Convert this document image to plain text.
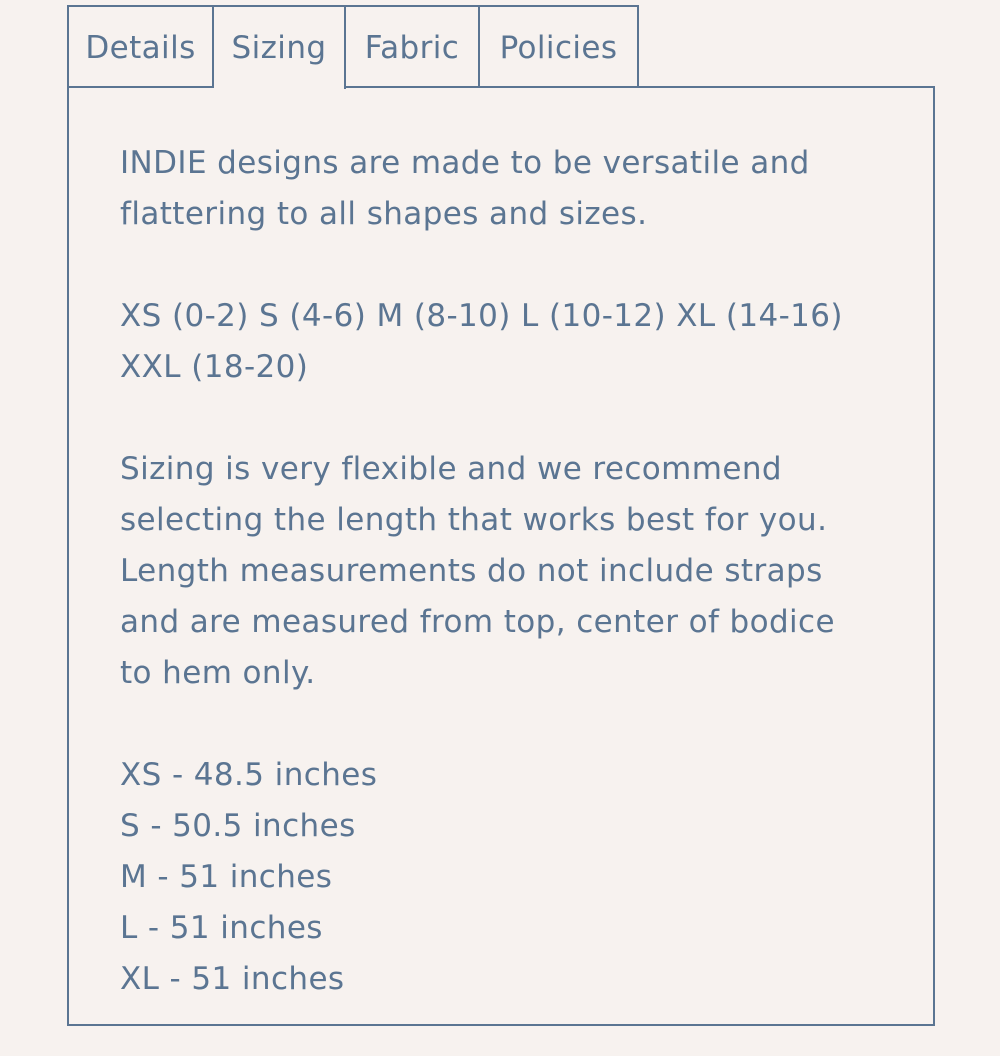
Details	Sizing	Fabric	Policies

INDIE designs are made to be versatile and
flattering to all shapes and sizes.

XS (0-2) S (4-6) M (8-10) L (10-12) XL (14-16)
XXL (18-20)

Sizing is very flexible and we recommend
selecting the length that works best for you.
Length measurements do not include straps
and are measured from top, center of bodice
to hem only.

XS - 48.5 inches
S - 50.5 inches
M - 51 inches
L - 51 inches
XL - 51 inches
